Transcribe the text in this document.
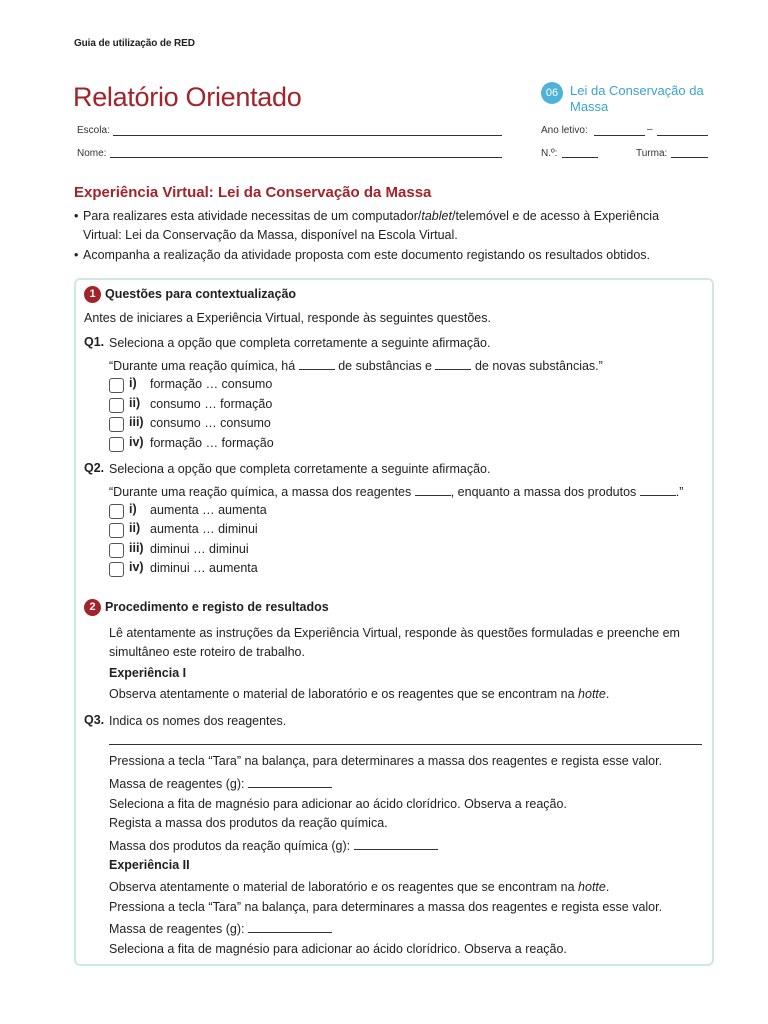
Guia de utilização de RED
Relatório Orientado	06 Lei da Conservação da Massa
Escola:
Nome:
Ano letivo:	–
N.º:	Turma:
Experiência Virtual: Lei da Conservação da Massa
• Para realizares esta atividade necessitas de um computador/tablet/telemóvel e de acesso à Experiência
Virtual: Lei da Conservação da Massa, disponível na Escola Virtual.
• Acompanha a realização da atividade proposta com este documento registando os resultados obtidos.
1 Questões para contextualização
Antes de iniciares a Experiência Virtual, responde às seguintes questões.
Q1. Seleciona a opção que completa corretamente a seguinte afirmação.
“Durante uma reação química, há	de substâncias e	de novas substâncias.”
i) formação … consumo
ii) consumo … formação
iii) consumo … consumo
iv) formação … formação
Q2. Seleciona a opção que completa corretamente a seguinte afirmação.
“Durante uma reação química, a massa dos reagentes	, enquanto a massa dos produtos	.”
i) aumenta … aumenta
ii) aumenta … diminui
iii) diminui … diminui
iv) diminui … aumenta
2 Procedimento e registo de resultados
Lê atentamente as instruções da Experiência Virtual, responde às questões formuladas e preenche em
simultâneo este roteiro de trabalho.
Experiência I
Observa atentamente o material de laboratório e os reagentes que se encontram na hotte.
Q3. Indica os nomes dos reagentes.
Pressiona a tecla “Tara” na balança, para determinares a massa dos reagentes e regista esse valor.
Massa de reagentes (g):
Seleciona a fita de magnésio para adicionar ao ácido clorídrico. Observa a reação.
Regista a massa dos produtos da reação química.
Massa dos produtos da reação química (g):
Experiência II
Observa atentamente o material de laboratório e os reagentes que se encontram na hotte.
Pressiona a tecla “Tara” na balança, para determinares a massa dos reagentes e regista esse valor.
Massa de reagentes (g):
Seleciona a fita de magnésio para adicionar ao ácido clorídrico. Observa a reação.
